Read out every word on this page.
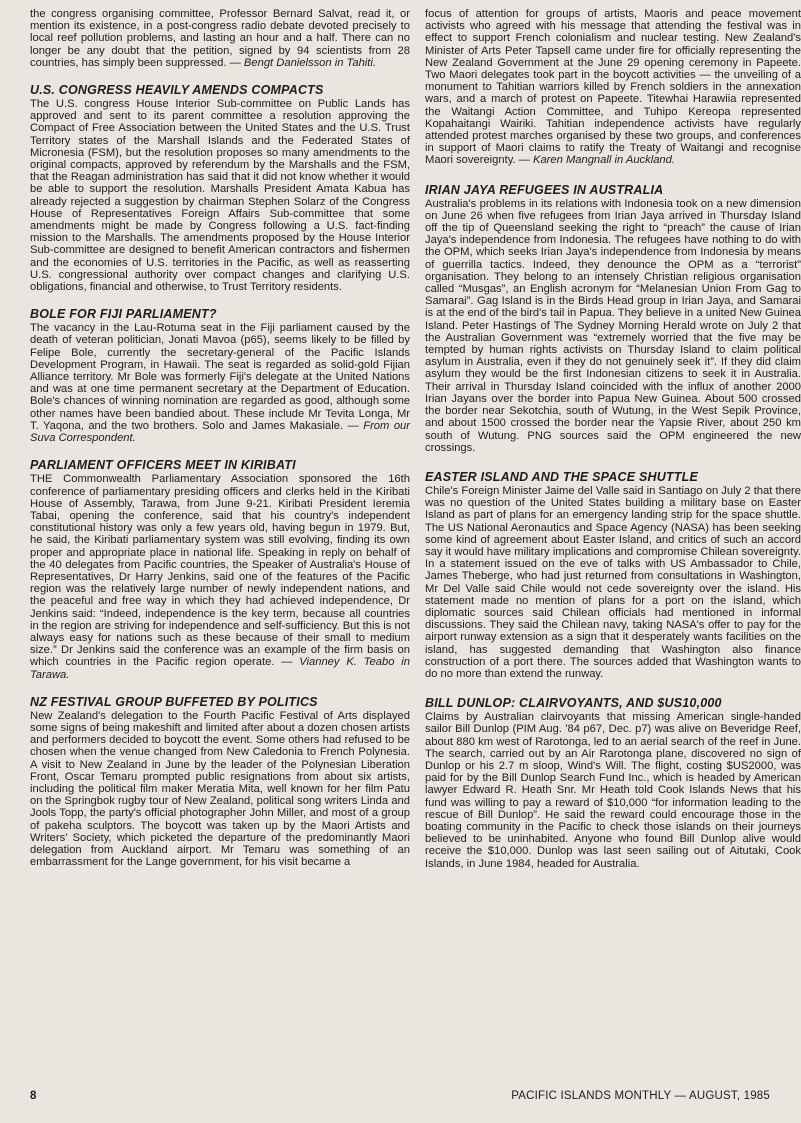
the congress organising committee, Professor Bernard Salvat, read it, or mention its existence, in a post-congress radio debate devoted precisely to local reef pollution problems, and lasting an hour and a half. There can no longer be any doubt that the petition, signed by 94 scientists from 28 countries, has simply been suppressed. — Bengt Danielsson in Tahiti.

U.S. CONGRESS HEAVILY AMENDS COMPACTS

The U.S. congress House Interior Sub-committee on Public Lands has approved and sent to its parent committee a resolution approving the Compact of Free Association between the United States and the U.S. Trust Territory states of the Marshall Islands and the Federated States of Micronesia (FSM), but the resolution proposes so many amendments to the original compacts, approved by referendum by the Marshalls and the FSM, that the Reagan administration has said that it did not know whether it would be able to support the resolution. Marshalls President Amata Kabua has already rejected a suggestion by chairman Stephen Solarz of the Congress House of Representatives Foreign Affairs Sub-committee that some amendments might be made by Congress following a U.S. fact-finding mission to the Marshalls. The amendments proposed by the House Interior Sub-committee are designed to benefit American contractors and fishermen and the economies of U.S. territories in the Pacific, as well as reasserting U.S. congressional authority over compact changes and clarifying U.S. obligations, financial and otherwise, to Trust Territory residents.

BOLE FOR FIJI PARLIAMENT?

The vacancy in the Lau-Rotuma seat in the Fiji parliament caused by the death of veteran politician, Jonati Mavoa (p65), seems likely to be filled by Felipe Bole, currently the secretary-general of the Pacific Islands Development Program, in Hawaii. The seat is regarded as solid-gold Fijian Alliance territory. Mr Bole was formerly Fiji's delegate at the United Nations and was at one time permanent secretary at the Department of Education. Bole's chances of winning nomination are regarded as good, although some other names have been bandied about. These include Mr Tevita Longa, Mr T. Yaqona, and the two brothers. Solo and James Makasiale. — From our Suva Correspondent.

PARLIAMENT OFFICERS MEET IN KIRIBATI

THE Commonwealth Parliamentary Association sponsored the 16th conference of parliamentary presiding officers and clerks held in the Kiribati House of Assembly, Tarawa, from June 9-21. Kiribati President Ieremia Tabai, opening the conference, said that his country's independent constitutional history was only a few years old, having begun in 1979. But, he said, the Kiribati parliamentary system was still evolving, finding its own proper and appropriate place in national life. Speaking in reply on behalf of the 40 delegates from Pacific countries, the Speaker of Australia's House of Representatives, Dr Harry Jenkins, said one of the features of the Pacific region was the relatively large number of newly independent nations, and the peaceful and free way in which they had achieved independence, Dr Jenkins said: “Indeed, independence is the key term, because all countries in the region are striving for independence and self-sufficiency. But this is not always easy for nations such as these because of their small to medium size.” Dr Jenkins said the conference was an example of the firm basis on which countries in the Pacific region operate. — Vianney K. Teabo in Tarawa.

NZ FESTIVAL GROUP BUFFETED BY POLITICS

New Zealand's delegation to the Fourth Pacific Festival of Arts displayed some signs of being makeshift and limited after about a dozen chosen artists and performers decided to boycott the event. Some others had refused to be chosen when the venue changed from New Caledonia to French Polynesia. A visit to New Zealand in June by the leader of the Polynesian Liberation Front, Oscar Temaru prompted public resignations from about six artists, including the political film maker Meratia Mita, well known for her film Patu on the Springbok rugby tour of New Zealand, political song writers Linda and Jools Topp, the party's official photographer John Miller, and most of a group of pakeha sculptors. The boycott was taken up by the Maori Artists and Writers' Society, which picketed the departure of the predominantly Maori delegation from Auckland airport. Mr Temaru was something of an embarrassment for the Lange government, for his visit became a

focus of attention for groups of artists, Maoris and peace movement activists who agreed with his message that attending the festival was in effect to support French colonialism and nuclear testing. New Zealand's Minister of Arts Peter Tapsell came under fire for officially representing the New Zealand Government at the June 29 opening ceremony in Papeete. Two Maori delegates took part in the boycott activities — the unveiling of a monument to Tahitian warriors killed by French soldiers in the annexation wars, and a march of protest on Papeete. Titewhai Harawiia represented the Waitangi Action Committee, and Tuhipo Kereopa represented Kopahaitangi Wairiki. Tahitian independence activists have regularly attended protest marches organised by these two groups, and conferences in support of Maori claims to ratify the Treaty of Waitangi and recognise Maori sovereignty. — Karen Mangnall in Auckland.

IRIAN JAYA REFUGEES IN AUSTRALIA

Australia's problems in its relations with Indonesia took on a new dimension on June 26 when five refugees from Irian Jaya arrived in Thursday Island off the tip of Queensland seeking the right to “preach” the cause of Irian Jaya's independence from Indonesia. The refugees have nothing to do with the OPM, which seeks Irian Jaya's independence from Indonesia by means of guerrilla tactics. Indeed, they denounce the OPM as a “terrorist” organisation. They belong to an intensely Christian religious organisation called “Musgas”, an English acronym for “Melanesian Union From Gag to Samarai”. Gag Island is in the Birds Head group in Irian Jaya, and Samarai is at the end of the bird's tail in Papua. They believe in a united New Guinea Island. Peter Hastings of The Sydney Morning Herald wrote on July 2 that the Australian Government was “extremely worried that the five may be tempted by human rights activists on Thursday Island to claim political asylum in Australia, even if they do not genuinely seek it”. If they did claim asylum they would be the first Indonesian citizens to seek it in Australia. Their arrival in Thursday Island coincided with the influx of another 2000 Irian Jayans over the border into Papua New Guinea. About 500 crossed the border near Sekotchia, south of Wutung, in the West Sepik Province, and about 1500 crossed the border near the Yapsie River, about 250 km south of Wutung. PNG sources said the OPM engineered the new crossings.

EASTER ISLAND AND THE SPACE SHUTTLE

Chile's Foreign Minister Jaime del Valle said in Santiago on July 2 that there was no question of the United States building a military base on Easter Island as part of plans for an emergency landing strip for the space shuttle. The US National Aeronautics and Space Agency (NASA) has been seeking some kind of agreement about Easter Island, and critics of such an accord say it would have military implications and compromise Chilean sovereignty. In a statement issued on the eve of talks with US Ambassador to Chile, James Theberge, who had just returned from consultations in Washington, Mr Del Valle said Chile would not cede sovereignty over the island. His statement made no mention of plans for a port on the island, which diplomatic sources said Chilean officials had mentioned in informal discussions. They said the Chilean navy, taking NASA's offer to pay for the airport runway extension as a sign that it desperately wants facilities on the island, has suggested demanding that Washington also finance construction of a port there. The sources added that Washington wants to do no more than extend the runway.

BILL DUNLOP: CLAIRVOYANTS, AND $US10,000

Claims by Australian clairvoyants that missing American single-handed sailor Bill Dunlop (PIM Aug. '84 p67, Dec. p7) was alive on Beveridge Reef, about 880 km west of Rarotonga, led to an aerial search of the reef in June. The search, carried out by an Air Rarotonga plane, discovered no sign of Dunlop or his 2.7 m sloop, Wind's Will. The flight, costing $US2000, was paid for by the Bill Dunlop Search Fund Inc., which is headed by American lawyer Edward R. Heath Snr. Mr Heath told Cook Islands News that his fund was willing to pay a reward of $10,000 “for information leading to the rescue of Bill Dunlop”. He said the reward could encourage those in the boating community in the Pacific to check those islands on their journeys believed to be uninhabited. Anyone who found Bill Dunlop alive would receive the $10,000. Dunlop was last seen sailing out of Aitutaki, Cook Islands, in June 1984, headed for Australia.

8	PACIFIC ISLANDS MONTHLY — AUGUST, 1985
